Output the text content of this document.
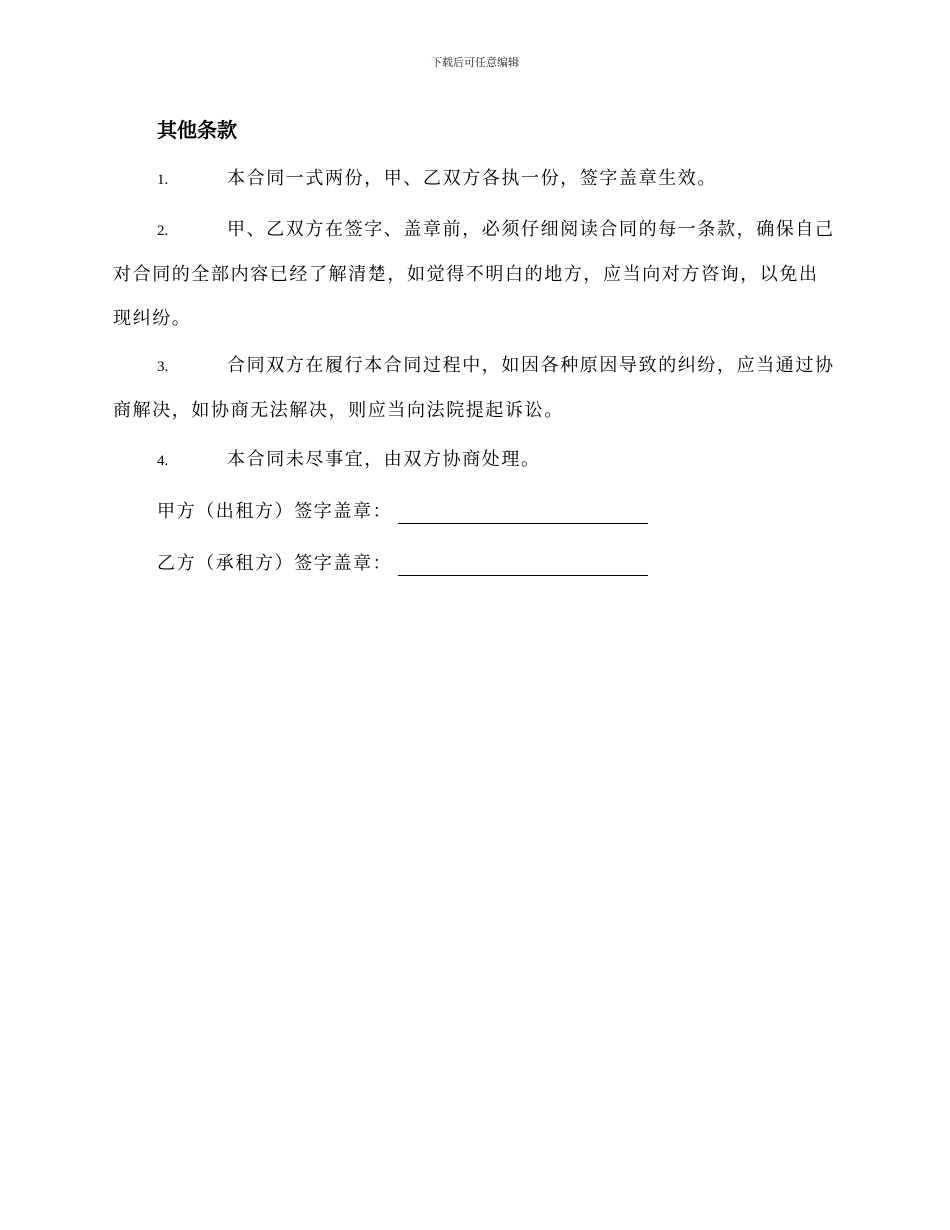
下载后可任意编辑
其他条款
1.	本合同一式两份，甲、乙双方各执一份，签字盖章生效。
2.	甲、乙双方在签字、盖章前，必须仔细阅读合同的每一条款，确保自己对合同的全部内容已经了解清楚，如觉得不明白的地方，应当向对方咨询，以免出现纠纷。
3.	合同双方在履行本合同过程中，如因各种原因导致的纠纷，应当通过协商解决，如协商无法解决，则应当向法院提起诉讼。
4.	本合同未尽事宜，由双方协商处理。
甲方（出租方）签字盖章：
乙方（承租方）签字盖章：
